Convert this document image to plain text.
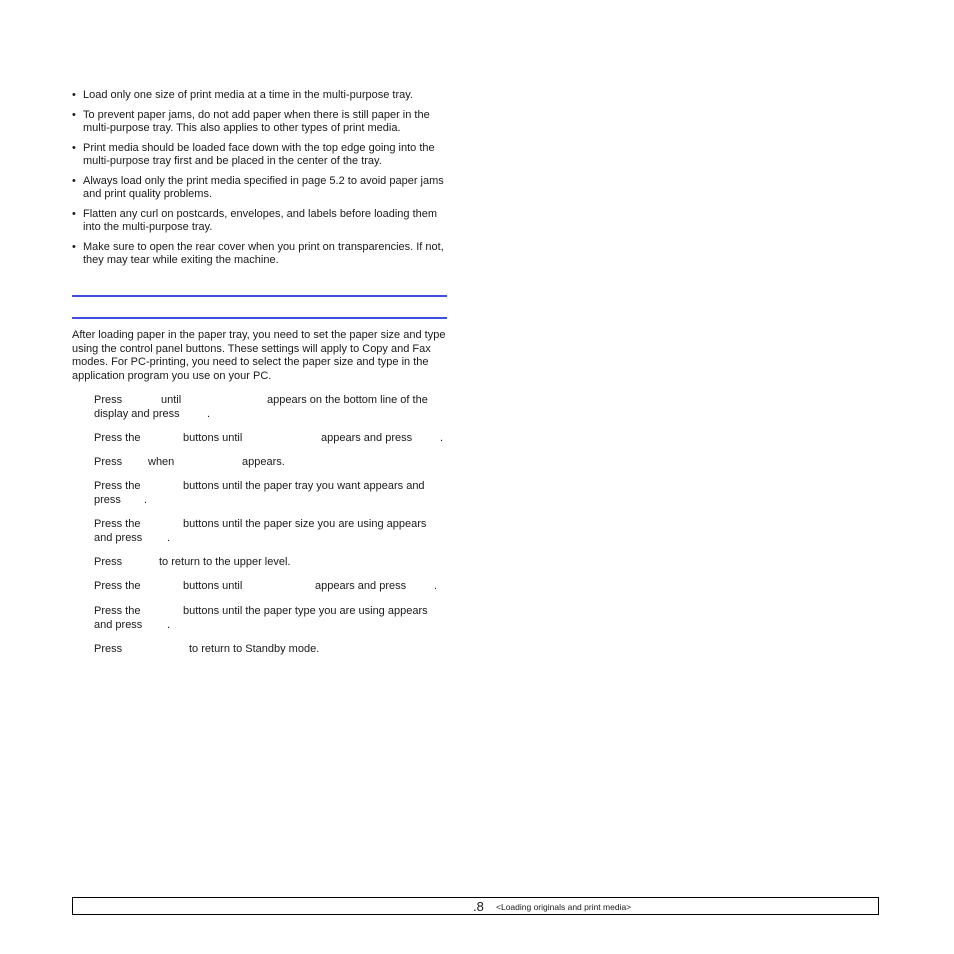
• Load only one size of print media at a time in the multi-purpose tray.
• To prevent paper jams, do not add paper when there is still paper in the multi-purpose tray. This also applies to other types of print media.
• Print media should be loaded face down with the top edge going into the multi-purpose tray first and be placed in the center of the tray.
• Always load only the print media specified in page 5.2 to avoid paper jams and print quality problems.
• Flatten any curl on postcards, envelopes, and labels before loading them into the multi-purpose tray.
• Make sure to open the rear cover when you print on transparencies. If not, they may tear while exiting the machine.

After loading paper in the paper tray, you need to set the paper size and type using the control panel buttons. These settings will apply to Copy and Fax modes. For PC-printing, you need to select the paper size and type in the application program you use on your PC.

Press	until	appears on the bottom line of the
display and press .
Press the	buttons until	appears and press	.
Press when	appears.
Press the	buttons until the paper tray you want appears and
press .
Press the	buttons until the paper size you are using appears
and press .
Press	to return to the upper level.
Press the	buttons until	appears and press	.
Press the	buttons until the paper type you are using appears
and press .
Press	to return to Standby mode.
.8 <Loading originals and print media>
